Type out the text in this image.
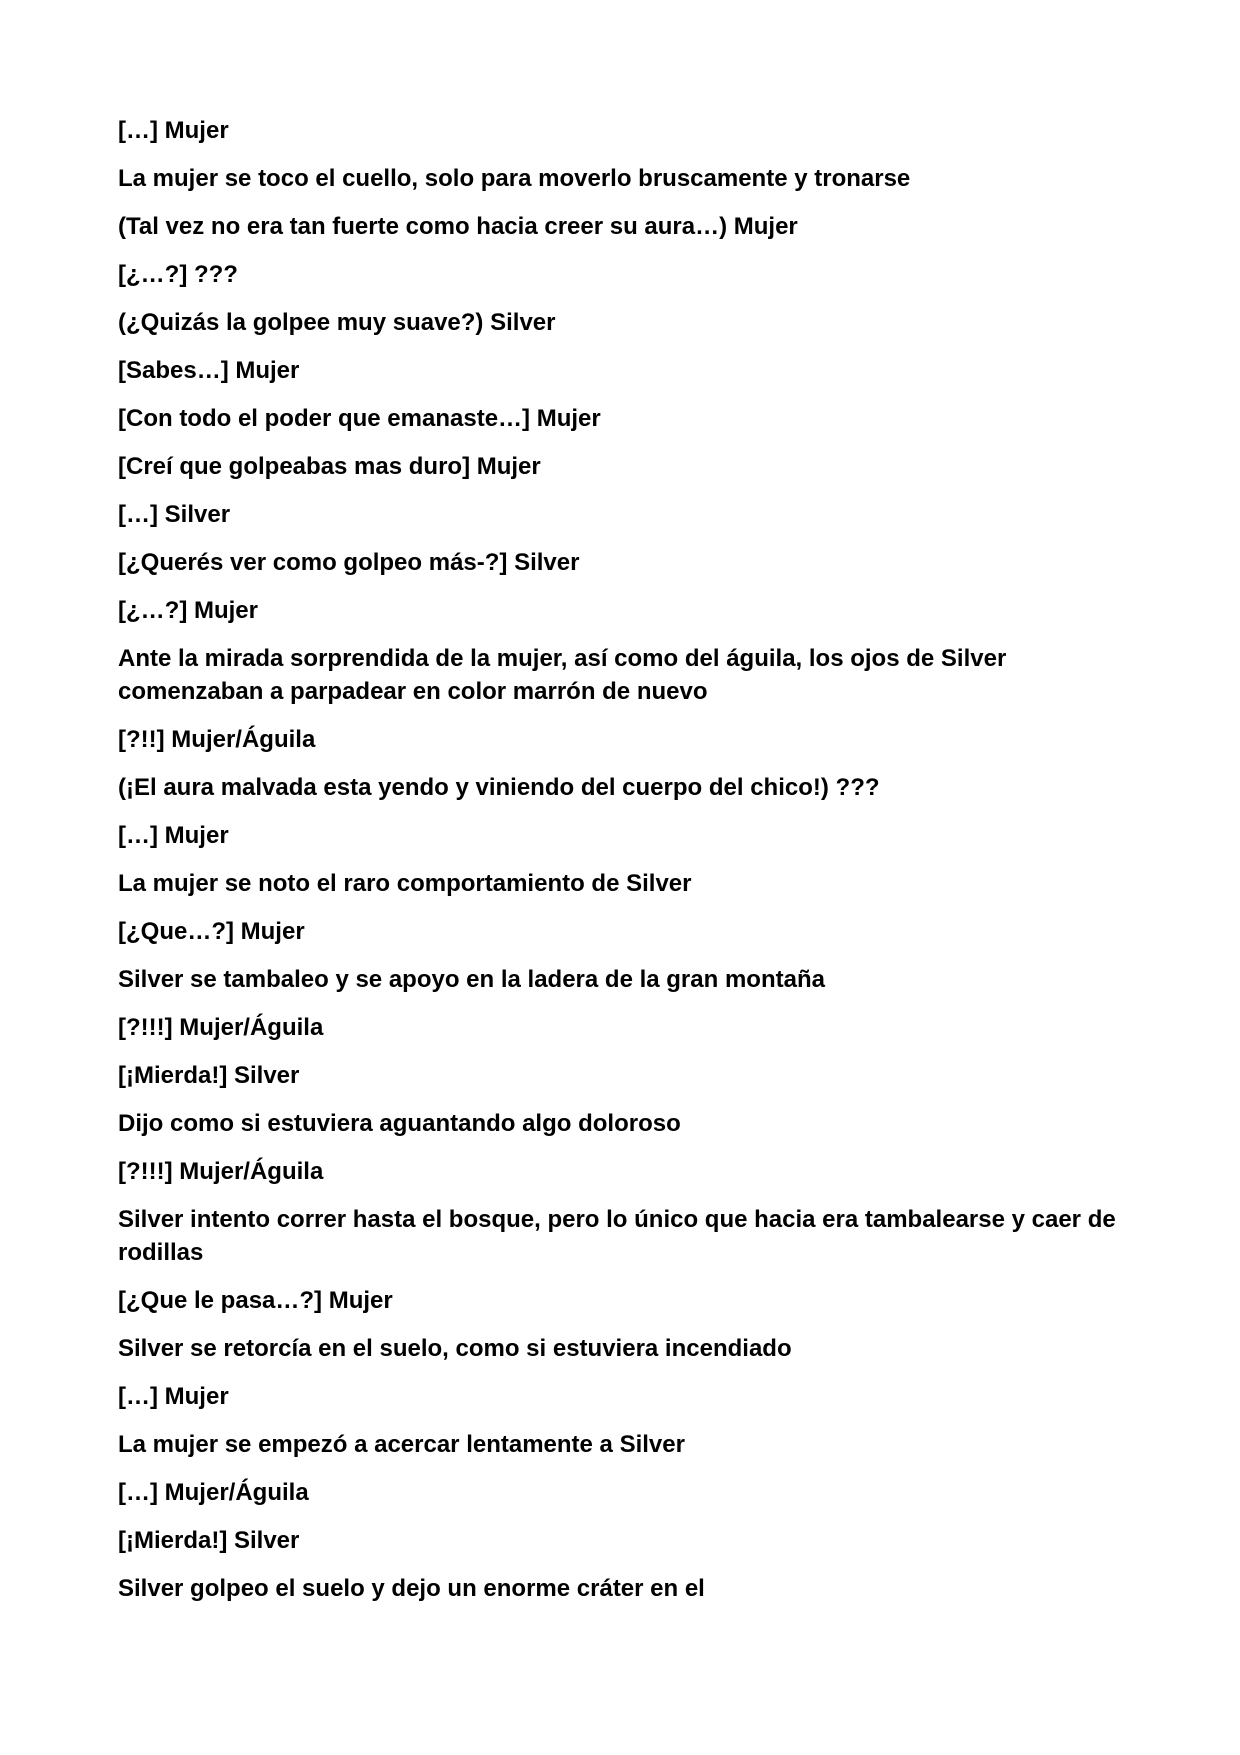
[…] Mujer

La mujer se toco el cuello, solo para moverlo bruscamente y tronarse

(Tal vez no era tan fuerte como hacia creer su aura…) Mujer

[¿…?] ???

(¿Quizás la golpee muy suave?) Silver

[Sabes…] Mujer

[Con todo el poder que emanaste…] Mujer

[Creí que golpeabas mas duro] Mujer

[…] Silver

[¿Querés ver como golpeo más-?] Silver

[¿…?] Mujer

Ante la mirada sorprendida de la mujer, así como del águila, los ojos de Silver comenzaban a parpadear en color marrón de nuevo

[?!!] Mujer/Águila

(¡El aura malvada esta yendo y viniendo del cuerpo del chico!) ???

[…] Mujer

La mujer se noto el raro comportamiento de Silver

[¿Que…?] Mujer

Silver se tambaleo y se apoyo en la ladera de la gran montaña

[?!!!] Mujer/Águila

[¡Mierda!] Silver

Dijo como si estuviera aguantando algo doloroso

[?!!!] Mujer/Águila

Silver intento correr hasta el bosque, pero lo único que hacia era tambalearse y caer de rodillas

[¿Que le pasa…?] Mujer

Silver se retorcía en el suelo, como si estuviera incendiado

[…] Mujer

La mujer se empezó a acercar lentamente a Silver

[…] Mujer/Águila

[¡Mierda!] Silver

Silver golpeo el suelo y dejo un enorme cráter en el
